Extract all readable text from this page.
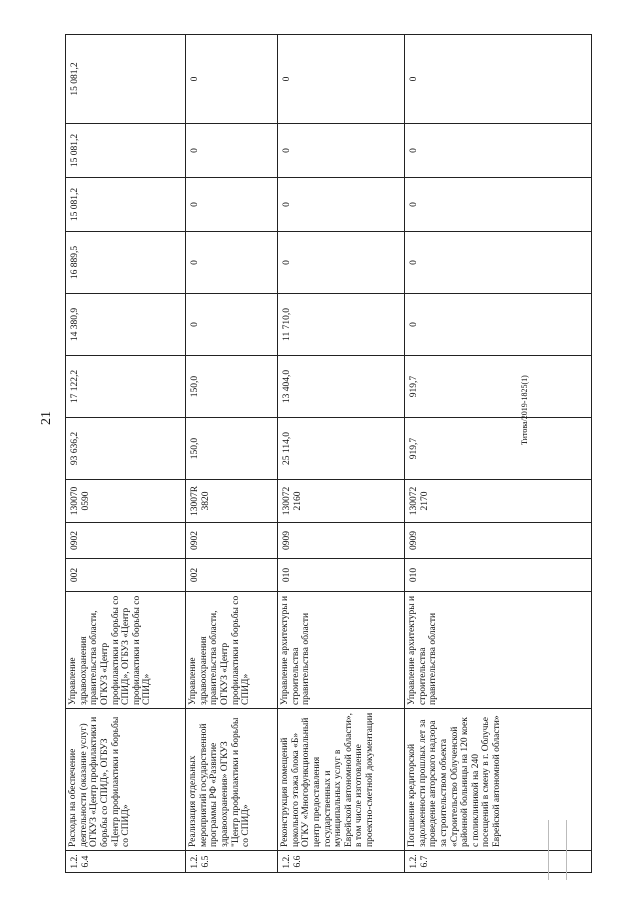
21	Титова/2019-1825(1)
1.2.6.4	Расходы на обеспечение деятельности (оказание услуг) ОГКУЗ «Центр профилактики и борьбы со СПИД», ОГБУЗ «Центр профилактики и борьбы со СПИД»	Управление здравоохранения правительства области, ОГКУЗ «Центр профилактики и борьбы со СПИД», ОГБУЗ «Центр профилактики и борьбы со СПИД»	002	0902	130070 0590	93 636,2	17 122,2	14 380,9	16 889,5	15 081,2	15 081,2	15 081,2
1.2.6.5	Реализация отдельных мероприятий государственной программы РФ «Развитие здравоохранения» ОГКУЗ "Центр профилактики и борьбы со СПИД»	Управление здравоохранения правительства области, ОГКУЗ «Центр профилактики и борьбы со СПИД»	002	0902	13007R 3820	150,0	150,0	0	0	0	0	0
1.2.6.6	Реконструкция помещений цокольного этажа блока «Б» ОГКУ «Многофункциональный центр предоставления государственных и муниципальных услуг в Еврейской автономной области», в том числе изготовление проектно-сметной документации	Управление архитектуры и строительства правительства области	010	0909	130072 2160	25 114,0	13 404,0	11 710,0	0	0	0	0
1.2.6.7	Погашение кредиторской задолженности прошлых лет за проведение авторского надзора за строительством объекта «Строительство Облученской районной больницы на 120 коек с поликлиникой на 240 посещений в смену в г. Облучье Еврейской автономной области»	Управление архитектуры и строительства правительства области	010	0909	130072 2170	919,7	919,7	0	0	0	0	0
